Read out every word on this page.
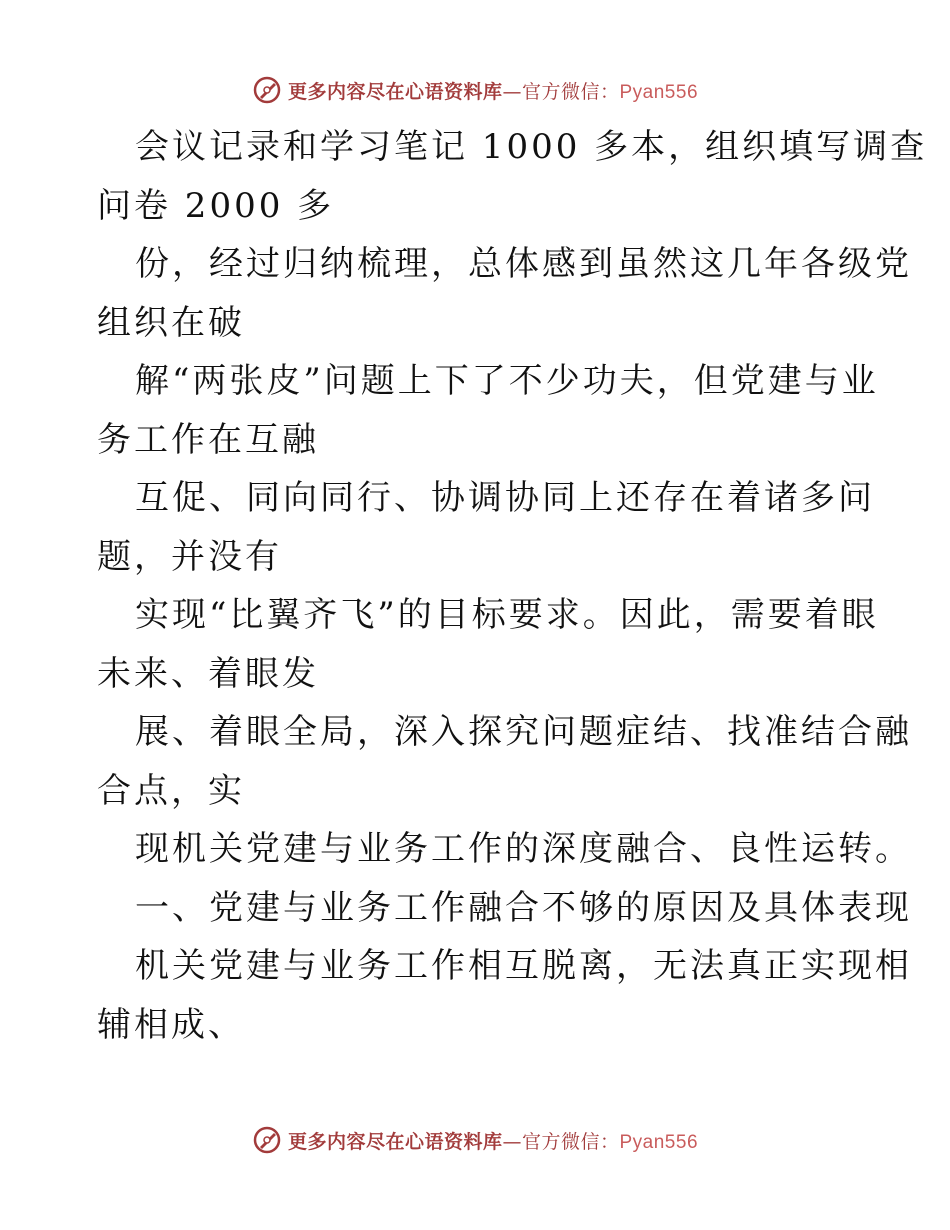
更多内容尽在心语资料库—官方微信：Pyan556
会议记录和学习笔记 1000 多本，组织填写调查
问卷 2000 多
份，经过归纳梳理，总体感到虽然这几年各级党
组织在破
解“两张皮”问题上下了不少功夫，但党建与业
务工作在互融
互促、同向同行、协调协同上还存在着诸多问
题，并没有
实现“比翼齐飞”的目标要求。因此，需要着眼
未来、着眼发
展、着眼全局，深入探究问题症结、找准结合融
合点，实
现机关党建与业务工作的深度融合、良性运转。
一、党建与业务工作融合不够的原因及具体表现
机关党建与业务工作相互脱离，无法真正实现相
辅相成、
更多内容尽在心语资料库—官方微信：Pyan556
